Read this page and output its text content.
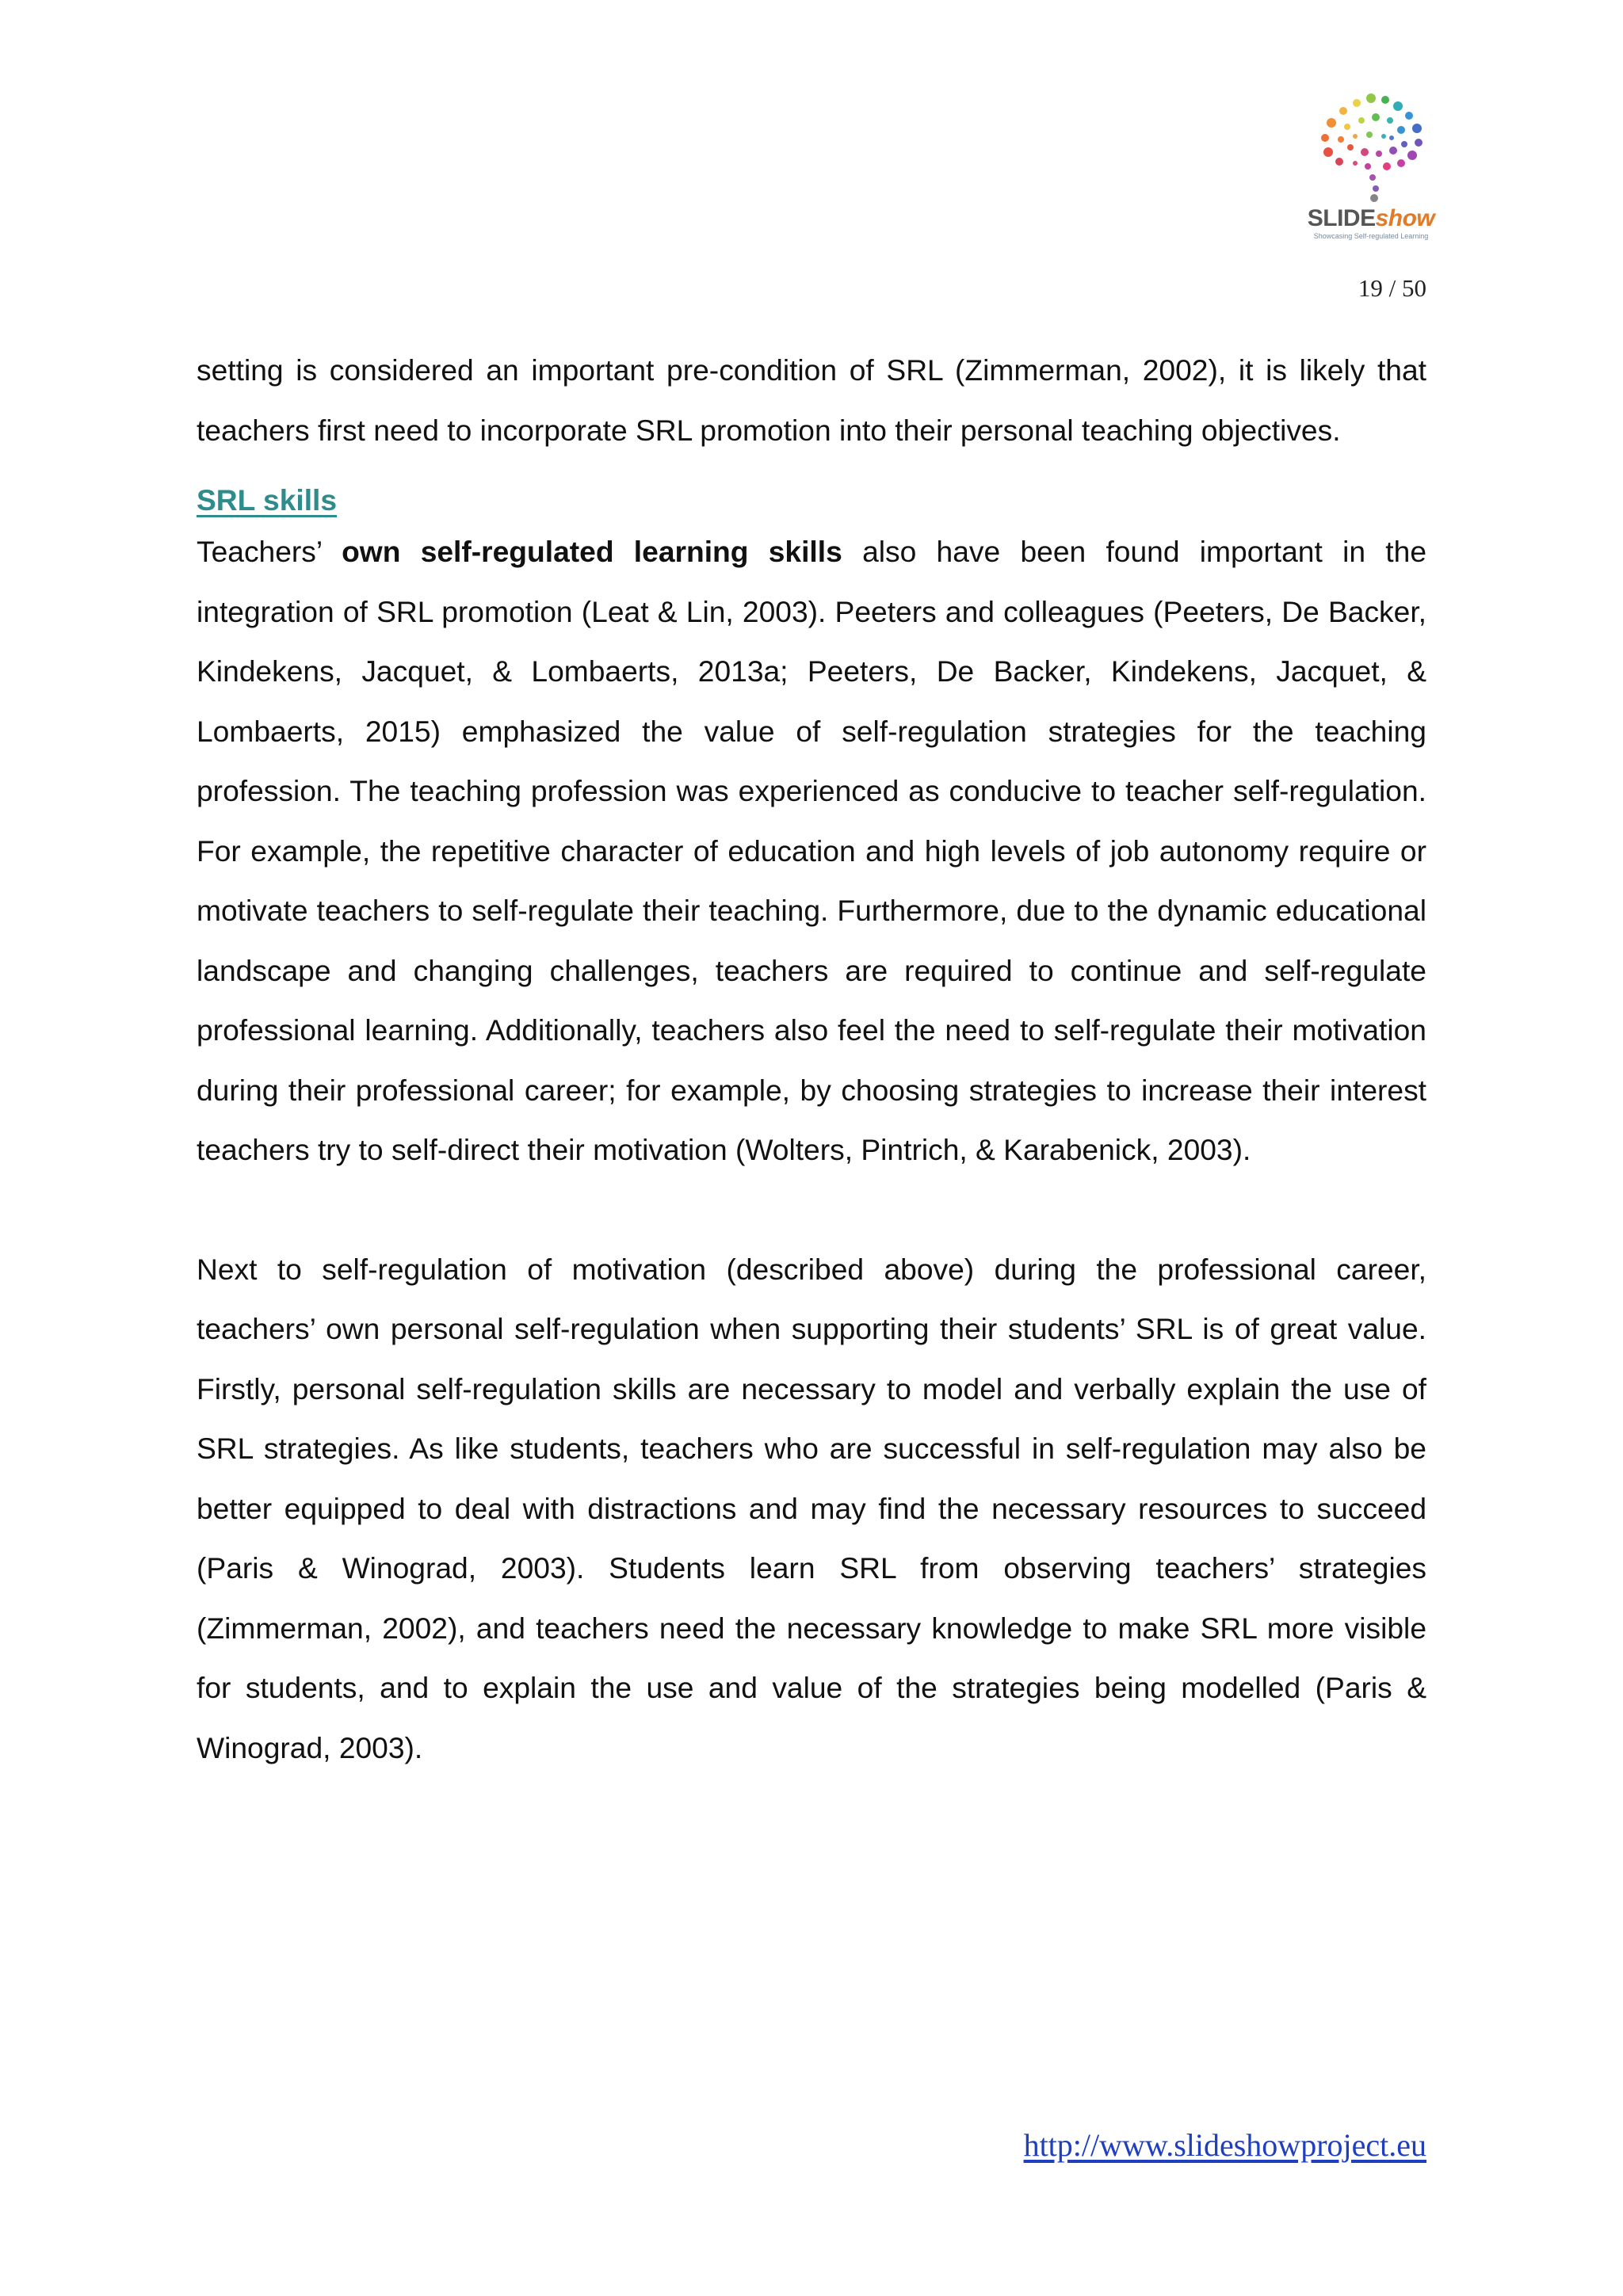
SLIDEshow
Showcasing Self-regulated Learning
19 / 50

setting is considered an important pre-condition of SRL (Zimmerman, 2002), it is likely that teachers first need to incorporate SRL promotion into their personal teaching objectives.

SRL skills

Teachers’ own self-regulated learning skills also have been found important in the integration of SRL promotion (Leat & Lin, 2003). Peeters and colleagues (Peeters, De Backer, Kindekens, Jacquet, & Lombaerts, 2013a; Peeters, De Backer, Kindekens, Jacquet, & Lombaerts, 2015) emphasized the value of self-regulation strategies for the teaching profession. The teaching profession was experienced as conducive to teacher self-regulation. For example, the repetitive character of education and high levels of job autonomy require or motivate teachers to self-regulate their teaching. Furthermore, due to the dynamic educational landscape and changing challenges, teachers are required to continue and self-regulate professional learning. Additionally, teachers also feel the need to self-regulate their motivation during their professional career; for example, by choosing strategies to increase their interest teachers try to self-direct their motivation (Wolters, Pintrich, & Karabenick, 2003).

Next to self-regulation of motivation (described above) during the professional career, teachers’ own personal self-regulation when supporting their students’ SRL is of great value. Firstly, personal self-regulation skills are necessary to model and verbally explain the use of SRL strategies. As like students, teachers who are successful in self-regulation may also be better equipped to deal with distractions and may find the necessary resources to succeed (Paris & Winograd, 2003). Students learn SRL from observing teachers’ strategies (Zimmerman, 2002), and teachers need the necessary knowledge to make SRL more visible for students, and to explain the use and value of the strategies being modelled (Paris & Winograd, 2003).

http://www.slideshowproject.eu
